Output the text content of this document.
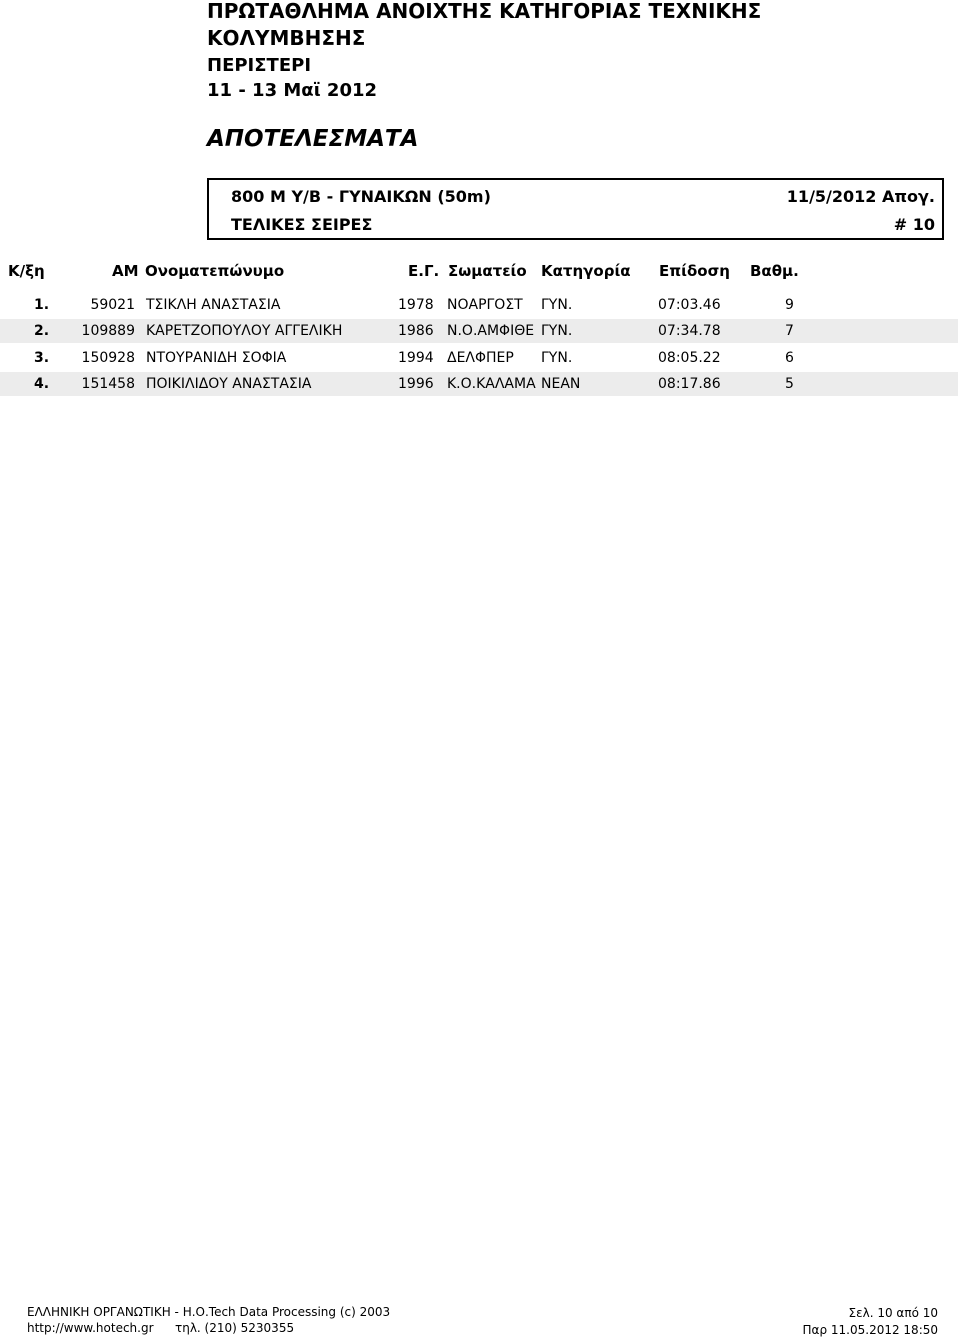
ΠΡΩΤΑΘΛΗΜΑ ΑΝΟΙΧΤΗΣ ΚΑΤΗΓΟΡΙΑΣ ΤΕΧΝΙΚΗΣ
ΚΟΛΥΜΒΗΣΗΣ
ΠΕΡΙΣΤΕΡΙ
11 - 13 Μαϊ 2012
ΑΠΟΤΕΛΕΣΜΑΤΑ
800 Μ Υ/Β - ΓΥΝΑΙΚΩΝ (50m)	11/5/2012 Απογ.
ΤΕΛΙΚΕΣ ΣΕΙΡΕΣ	# 10
Κ/ξη	ΑΜ Ονοματεπώνυμο	Ε.Γ. Σωματείο Κατηγορία Επίδοση Βαθμ.
1.	59021 ΤΣΙΚΛΗ ΑΝΑΣΤΑΣΙΑ	1978 ΝΟΑΡΓΟΣΤ ΓΥΝ.	07:03.46	9
2. 109889 ΚΑΡΕΤΖΟΠΟΥΛΟΥ ΑΓΓΕΛΙΚΗ	1986 Ν.Ο.ΑΜΦΙΘΕ ΓΥΝ.	07:34.78	7
3. 150928 ΝΤΟΥΡΑΝΙΔΗ ΣΟΦΙΑ	1994 ΔΕΛΦΠΕΡ ΓΥΝ.	08:05.22	6
4. 151458 ΠΟΙΚΙΛΙΔΟΥ ΑΝΑΣΤΑΣΙΑ	1996 Κ.Ο.ΚΑΛΑΜΑ ΝΕΑΝ	08:17.86	5
ΕΛΛΗΝΙΚΗ ΟΡΓΑΝΩΤΙΚΗ - Η.Ο.Tech Data Processing (c) 2003
http://www.hotech.gr τηλ. (210) 5230355
Σελ. 10 από 10
Παρ 11.05.2012 18:50
